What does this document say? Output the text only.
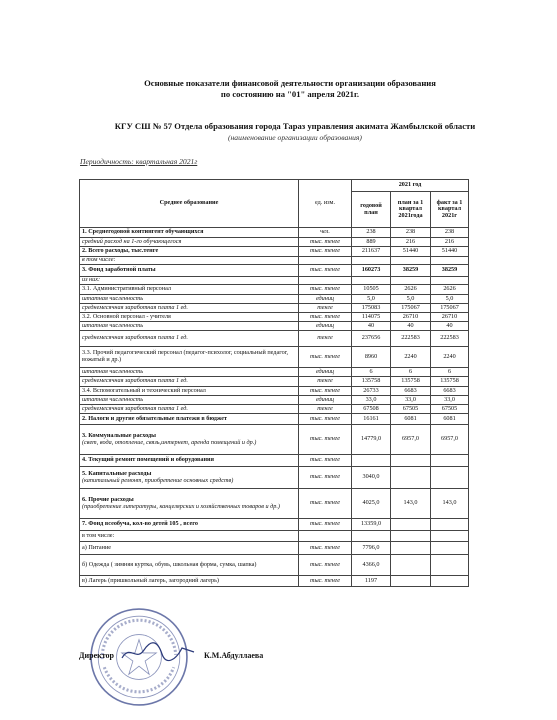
Основные показатели финансовой деятельности организации образования
по состоянию на "01" апреля 2021г.
КГУ СШ № 57 Отдела образования города Тараз управления акимата Жамбылской области
(наименование организации образования)
Периодичность: квартальная 2021г
Среднее образование	ед. изм.	2021 год		
		годовой план	план за 1 квартал 2021года	факт за 1 квартал 2021г
1. Среднегодовой контингент обучающихся	чел.	238	238	238
средний расход на 1-го обучающегося	тыс. тенге	889	216	216
2. Всего расходы, тыс.тенге	тыс. тенге	211637	51440	51440
в том числе:				
3. Фонд заработной платы	тыс. тенге	160273	38259	38259
из них:				
3.1. Административный персонал	тыс. тенге	10505	2626	2626
штатная численность	единиц	5,0	5,0	5,0
среднемесячная заработная плата 1 ед.	тенге	175083	175067	175067
3.2. Основной персонал - учителя	тыс. тенге	114075	26710	26710
штатная численность	единиц	40	40	40
среднемесячная заработная плата 1 ед.	тенге	237656	222583	222583
3.3. Прочий педагогический персонал (педагог-психолог, социальный педагог, вожатый и др.)	тыс. тенге	8960	2240	2240
штатная численность	единиц	6	6	6
среднемесячная заработная плата 1 ед.	тенге	135758	135758	135758
3.4. Вспомогательный и технический персонал	тыс. тенге	26733	6683	6683
штатная численность	единиц	33,0	33,0	33,0
среднемесячная заработная плата 1 ед.	тенге	67508	67505	67505
2. Налоги и другие обязательные платежи в бюджет	тыс. тенге	16161	6081	6081
3. Коммунальные расходы
(свет, вода, отопление, связь,интернет, арeндa помещений и др.)	тыс. тенге	14779,0	6957,0	6957,0
4. Текущий ремонт помещений и оборудования	тыс. тенге			
5. Капитальные расходы
(капитальный ремонт, приобретение основных средств)	тыс. тенге	3040,0		
6. Прочие расходы
(приобретение литературы, канцелярских и хозяйственных товаров и др.)	тыс. тенге	4025,0	143,0	143,0
7. Фонд всеобуча, кол-во детей 105 , всего	тыс. тенге	13359,0		
в том числе:				
а) Питание	тыс. тенге	7796,0		
б) Одежда ( зимняя куртка, обувь, школьная форма, сумка, шапка)	тыс. тенге	4366,0		
в) Лагерь (пришкольный лагерь, загородний лагерь)	тыс. тенге	1197		
Директор	К.М.Абдуллаева
